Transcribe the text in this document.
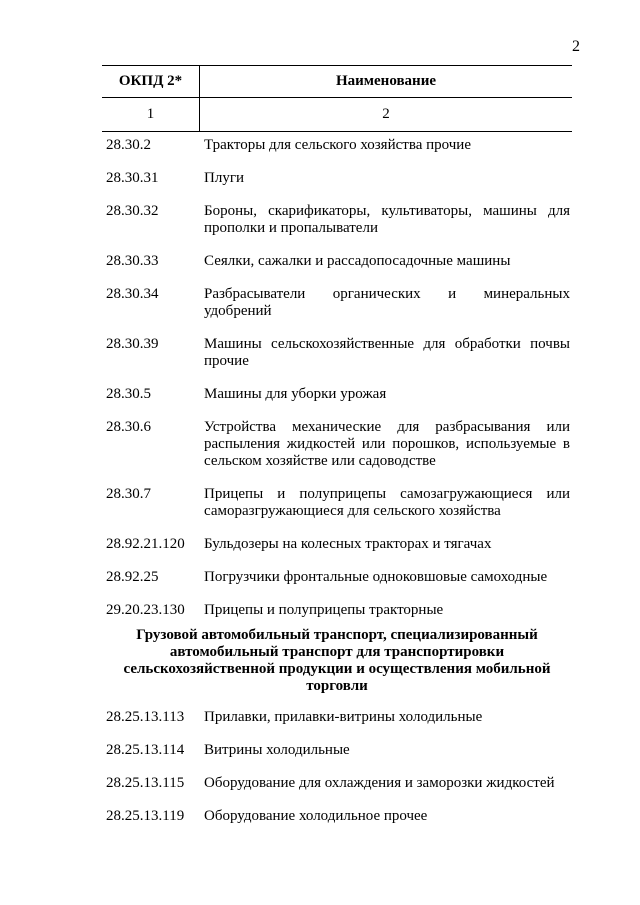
2
ОКПД 2*	Наименование
1	2
28.30.2	Тракторы для сельского хозяйства прочие
28.30.31	Плуги
28.30.32	Бороны, скарификаторы, культиваторы, машины для прополки и пропалыватели
28.30.33	Сеялки, сажалки и рассадопосадочные машины
28.30.34	Разбрасыватели органических и минеральных удобрений
28.30.39	Машины сельскохозяйственные для обработки почвы прочие
28.30.5	Машины для уборки урожая
28.30.6	Устройства механические для разбрасывания или распыления жидкостей или порошков, используемые в сельском хозяйстве или садоводстве
28.30.7	Прицепы и полуприцепы самозагружающиеся или саморазгружающиеся для сельского хозяйства
28.92.21.120	Бульдозеры на колесных тракторах и тягачах
28.92.25	Погрузчики фронтальные одноковшовые самоходные
29.20.23.130	Прицепы и полуприцепы тракторные
Грузовой автомобильный транспорт, специализированный автомобильный транспорт для транспортировки сельскохозяйственной продукции и осуществления мобильной торговли
28.25.13.113	Прилавки, прилавки-витрины холодильные
28.25.13.114	Витрины холодильные
28.25.13.115	Оборудование для охлаждения и заморозки жидкостей
28.25.13.119	Оборудование холодильное прочее
